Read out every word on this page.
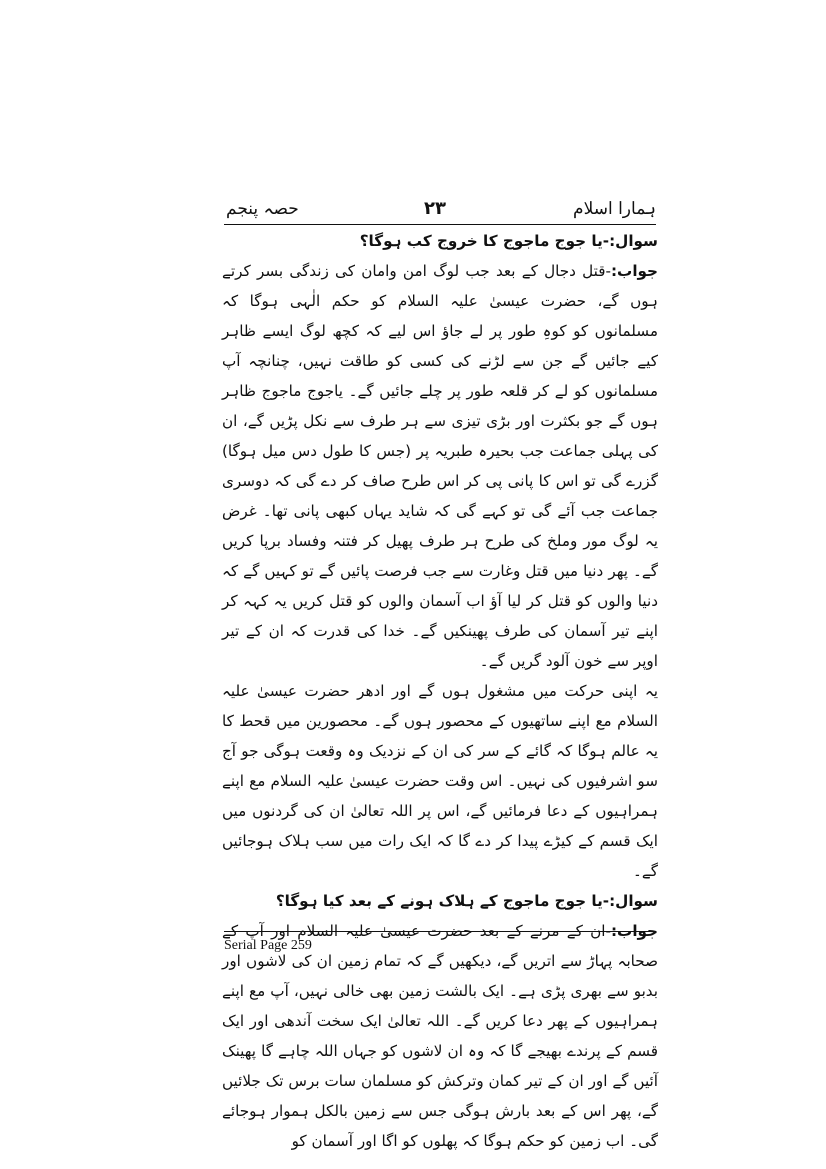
حصہ پنجم	۲۳	ہمارا اسلام

سوال:-یا جوج ماجوج کا خروج کب ہوگا؟

جواب:-قتل دجال کے بعد جب لوگ امن وامان کی زندگی بسر کرتے ہوں گے، حضرت عیسیٰ علیہ السلام کو حکم الٰہی ہوگا کہ مسلمانوں کو کوہِ طور پر لے جاؤ اس لیے کہ کچھ لوگ ایسے ظاہر کیے جائیں گے جن سے لڑنے کی کسی کو طاقت نہیں، چنانچہ آپ مسلمانوں کو لے کر قلعہ طور پر چلے جائیں گے۔ یاجوج ماجوج ظاہر ہوں گے جو بکثرت اور بڑی تیزی سے ہر طرف سے نکل پڑیں گے، ان کی پہلی جماعت جب بحیرہ طبریہ پر (جس کا طول دس میل ہوگا) گزرے گی تو اس کا پانی پی کر اس طرح صاف کر دے گی کہ دوسری جماعت جب آئے گی تو کہے گی کہ شاید یہاں کبھی پانی تھا۔ غرض یہ لوگ مور وملخ کی طرح ہر طرف پھیل کر فتنہ وفساد برپا کریں گے۔ پھر دنیا میں قتل وغارت سے جب فرصت پائیں گے تو کہیں گے کہ دنیا والوں کو قتل کر لیا آؤ اب آسمان والوں کو قتل کریں یہ کہہ کر اپنے تیر آسمان کی طرف پھینکیں گے۔ خدا کی قدرت کہ ان کے تیر اوپر سے خون آلود گریں گے۔

یہ اپنی حرکت میں مشغول ہوں گے اور ادھر حضرت عیسیٰ علیہ السلام مع اپنے ساتھیوں کے محصور ہوں گے۔ محصورین میں قحط کا یہ عالم ہوگا کہ گائے کے سر کی ان کے نزدیک وہ وقعت ہوگی جو آج سو اشرفیوں کی نہیں۔ اس وقت حضرت عیسیٰ علیہ السلام مع اپنے ہمراہیوں کے دعا فرمائیں گے، اس پر اللہ تعالیٰ ان کی گردنوں میں ایک قسم کے کیڑے پیدا کر دے گا کہ ایک رات میں سب ہلاک ہوجائیں گے۔

سوال:-یا جوج ماجوج کے ہلاک ہونے کے بعد کیا ہوگا؟

جواب:-ان کے مرنے کے بعد حضرت عیسیٰ علیہ السلام اور آپ کے صحابہ پہاڑ سے اتریں گے، دیکھیں گے کہ تمام زمین ان کی لاشوں اور بدبو سے بھری پڑی ہے۔ ایک بالشت زمین بھی خالی نہیں، آپ مع اپنے ہمراہیوں کے پھر دعا کریں گے۔ اللہ تعالیٰ ایک سخت آندھی اور ایک قسم کے پرندے بھیجے گا کہ وہ ان لاشوں کو جہاں اللہ چاہے گا پھینک آئیں گے اور ان کے تیر کمان وترکش کو مسلمان سات برس تک جلائیں گے، پھر اس کے بعد بارش ہوگی جس سے زمین بالکل ہموار ہوجائے گی۔ اب زمین کو حکم ہوگا کہ پھلوں کو اگا اور آسمان کو

Serial Page 259
